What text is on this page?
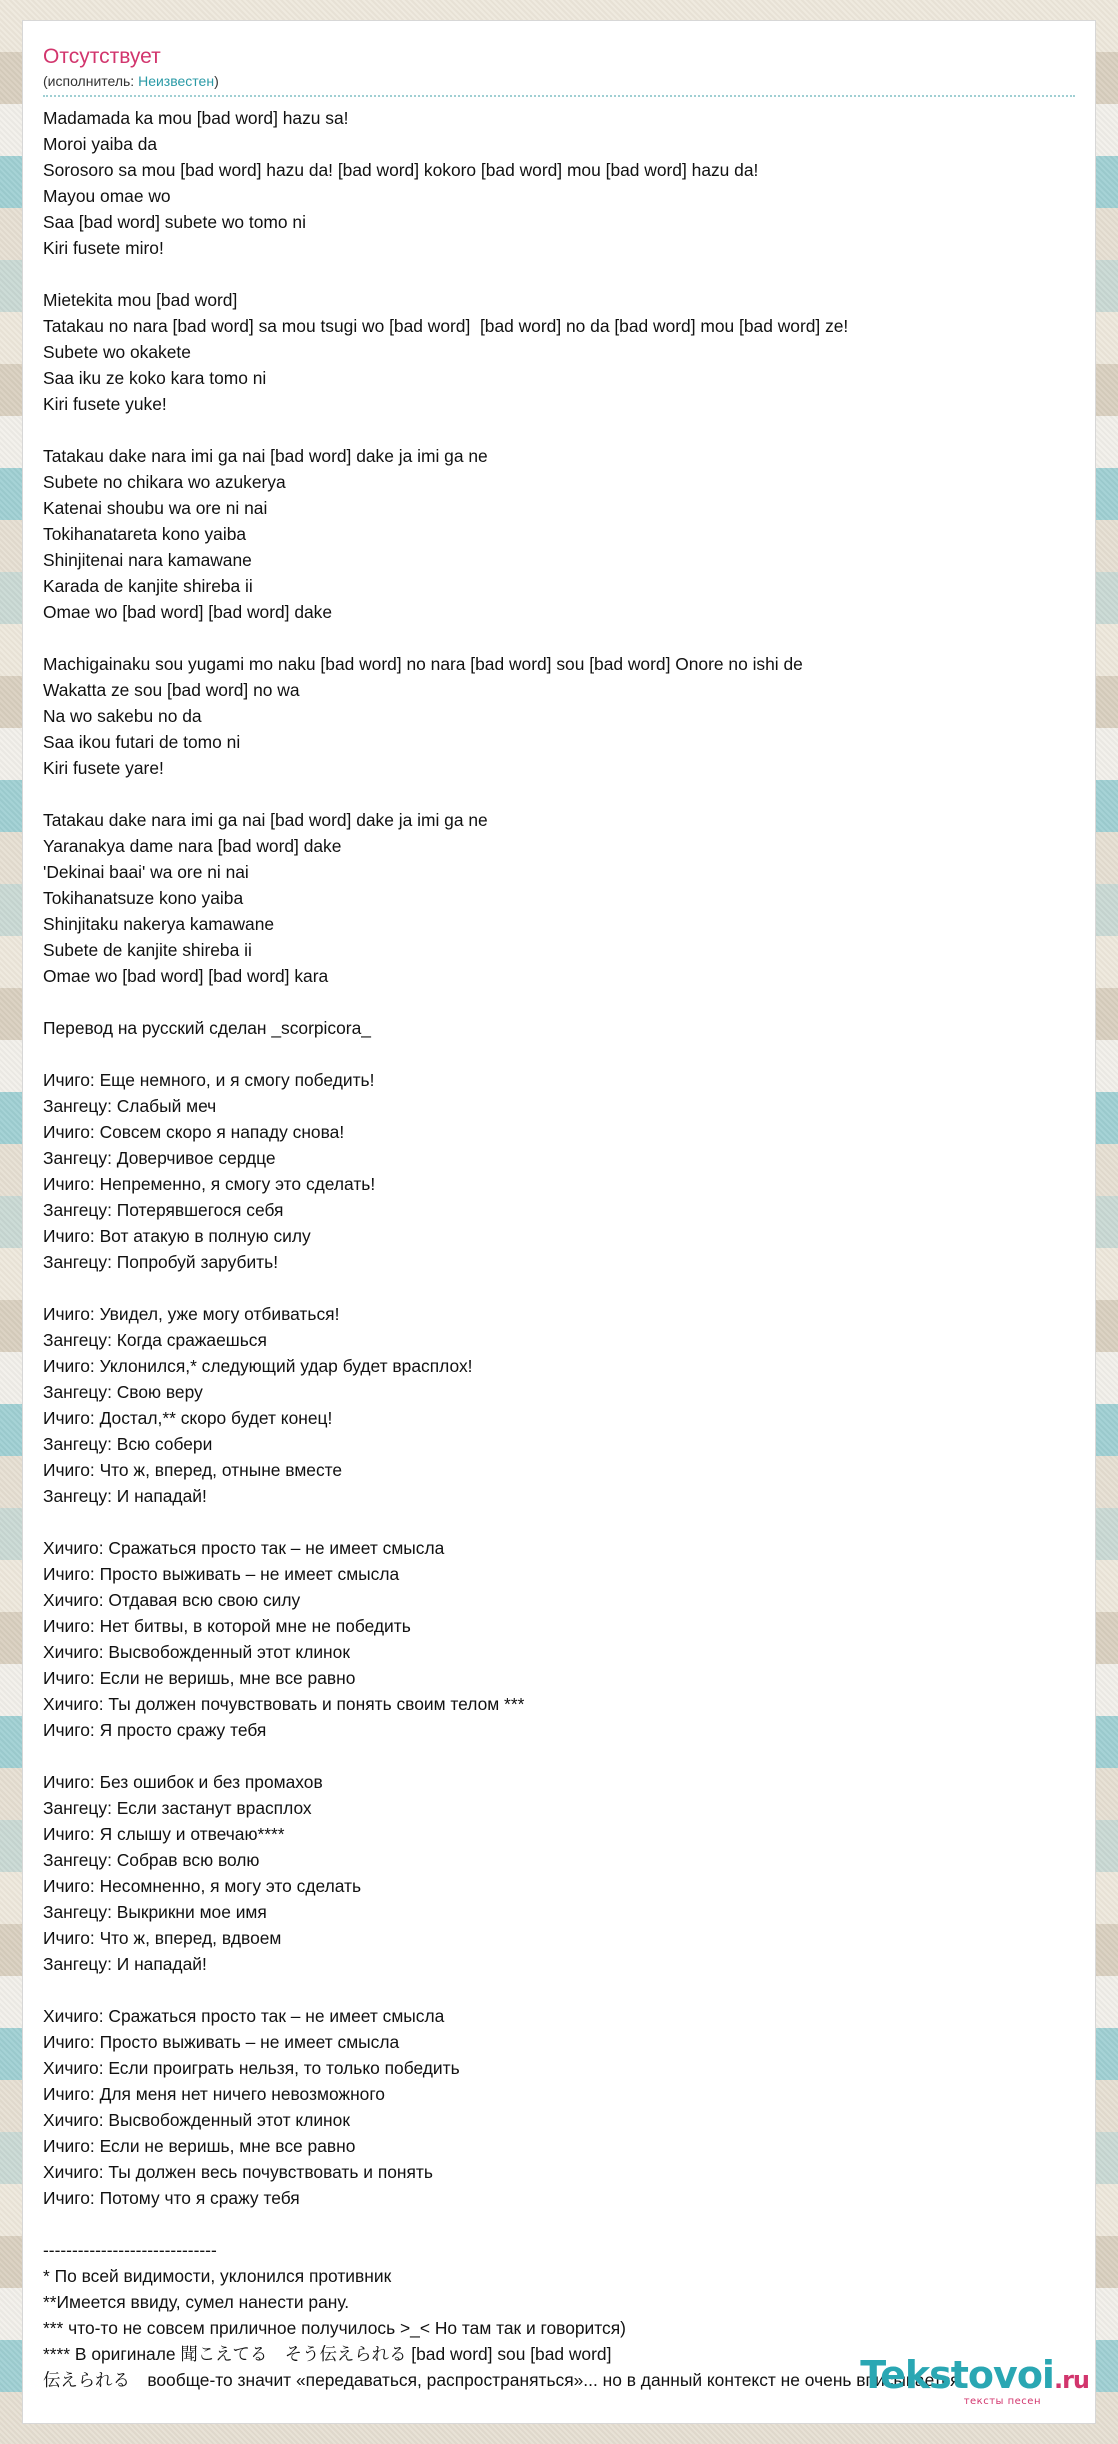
Отсутствует
(исполнитель: Неизвестен)
Madamada ka mou [bad word] hazu sa!
Moroi yaiba da
Sorosoro sa mou [bad word] hazu da! [bad word] kokoro [bad word] mou [bad word] hazu da!
Mayou omae wo
Saa [bad word] subete wo tomo ni
Kiri fusete miro!
Mietekita mou [bad word]
Tatakau no nara [bad word] sa mou tsugi wo [bad word]  [bad word] no da [bad word] mou [bad word] ze!
Subete wo okakete
Saa iku ze koko kara tomo ni
Kiri fusete yuke!
Tatakau dake nara imi ga nai [bad word] dake ja imi ga ne
Subete no chikara wo azukerya
Katenai shoubu wa ore ni nai
Tokihanatareta kono yaiba
Shinjitenai nara kamawane
Karada de kanjite shireba ii
Omae wo [bad word] [bad word] dake
Machigainaku sou yugami mo naku [bad word] no nara [bad word] sou [bad word] Onore no ishi de
Wakatta ze sou [bad word] no wa
Na wo sakebu no da
Saa ikou futari de tomo ni
Kiri fusete yare!
Tatakau dake nara imi ga nai [bad word] dake ja imi ga ne
Yaranakya dame nara [bad word] dake
'Dekinai baai' wa ore ni nai
Tokihanatsuze kono yaiba
Shinjitaku nakerya kamawane
Subete de kanjite shireba ii
Omae wo [bad word] [bad word] kara
Перевод на русский сделан _scorpicora_
Ичиго: Еще немного, и я смогу победить!
Зангецу: Слабый меч
Ичиго: Совсем скоро я нападу снова!
Зангецу: Доверчивое сердце
Ичиго: Непременно, я смогу это сделать!
Зангецу: Потерявшегося себя
Ичиго: Вот атакую в полную силу
Зангецу: Попробуй зарубить!
Ичиго: Увидел, уже могу отбиваться!
Зангецу: Когда сражаешься
Ичиго: Уклонился,* следующий удар будет врасплох!
Зангецу: Свою веру
Ичиго: Достал,** скоро будет конец!
Зангецу: Всю собери
Ичиго: Что ж, вперед, отныне вместе
Зангецу: И нападай!
Хичиго: Сражаться просто так – не имеет смысла
Ичиго: Просто выживать – не имеет смысла
Хичиго: Отдавая всю свою силу
Ичиго: Нет битвы, в которой мне не победить
Хичиго: Высвобожденный этот клинок
Ичиго: Если не веришь, мне все равно
Хичиго: Ты должен почувствовать и понять своим телом ***
Ичиго: Я просто сражу тебя
Ичиго: Без ошибок и без промахов
Зангецу: Если застанут врасплох
Ичиго: Я слышу и отвечаю****
Зангецу: Собрав всю волю
Ичиго: Несомненно, я могу это сделать
Зангецу: Выкрикни мое имя
Ичиго: Что ж, вперед, вдвоем
Зангецу: И нападай!
Хичиго: Сражаться просто так – не имеет смысла
Ичиго: Просто выживать – не имеет смысла
Хичиго: Если проиграть нельзя, то только победить
Ичиго: Для меня нет ничего невозможного
Хичиго: Высвобожденный этот клинок
Ичиго: Если не веришь, мне все равно
Хичиго: Ты должен весь почувствовать и понять
Ичиго: Потому что я сражу тебя
------------------------------
* По всей видимости, уклонился противник
**Имеется ввиду, сумел нанести рану.
*** что-то не совсем приличное получилось >_< Но там так и говорится)
**** В оригинале 聞こえてる　そう伝えられる [bad word] sou [bad word]
伝えられる　вообще-то значит «передаваться, распространяться»... но в данный контекст не очень вписывается.
Tekstovoi.ru
тексты песен
